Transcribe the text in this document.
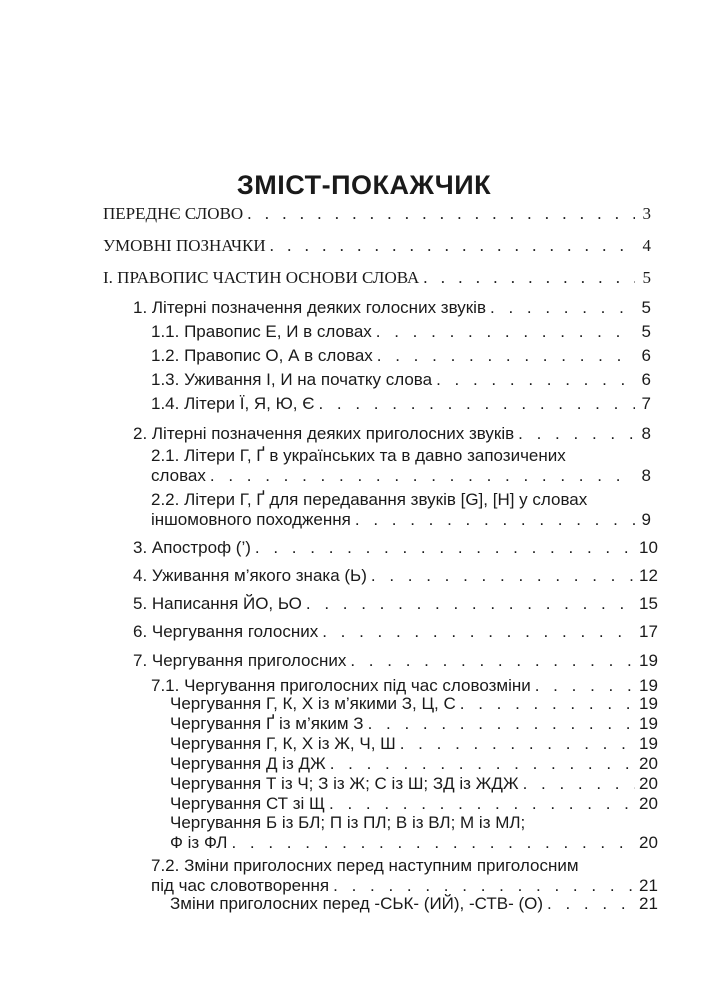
ЗМІСТ-ПОКАЖЧИК
ПЕРЕДНЄ СЛОВО . . .	3
УМОВНІ ПОЗНАЧКИ . . .	4
І. ПРАВОПИС ЧАСТИН ОСНОВИ СЛОВА . . .	5
1. Літерні позначення деяких голосних звуків . . .	5
1.1. Правопис Е, И в словах . . .	5
1.2. Правопис О, А в словах . . .	6
1.3. Уживання І, И на початку слова . . .	6
1.4. Літери Ї, Я, Ю, Є . . .	7
2. Літерні позначення деяких приголосних звуків . . .	8
2.1. Літери Г, Ґ в українських та в давно запозичених
словах . . .	8
2.2. Літери Г, Ґ для передавання звуків [G], [H] у словах
іншомовного походження . . .	9
3. Апостроф (’) . . .	10
4. Уживання м’якого знака (Ь) . . .	12
5. Написання ЙО, ЬО . . .	15
6. Чергування голосних . . .	17
7. Чергування приголосних . . .	19
7.1. Чергування приголосних під час словозміни . . .	19
Чергування Г, К, Х із м’якими З, Ц, С . . .	19
Чергування Ґ із м’яким З . . .	19
Чергування Г, К, Х із Ж, Ч, Ш . . .	19
Чергування Д із ДЖ . . .	20
Чергування Т із Ч; З із Ж; С із Ш; ЗД із ЖДЖ . . .	20
Чергування СТ зі Щ . . .	20
Чергування Б із БЛ; П із ПЛ; В із ВЛ; М із МЛ;
Ф із ФЛ . . .	20
7.2. Зміни приголосних перед наступним приголосним
під час словотворення . . .	21
Зміни приголосних перед -СЬК- (ИЙ), -СТВ- (О) . . .	21
